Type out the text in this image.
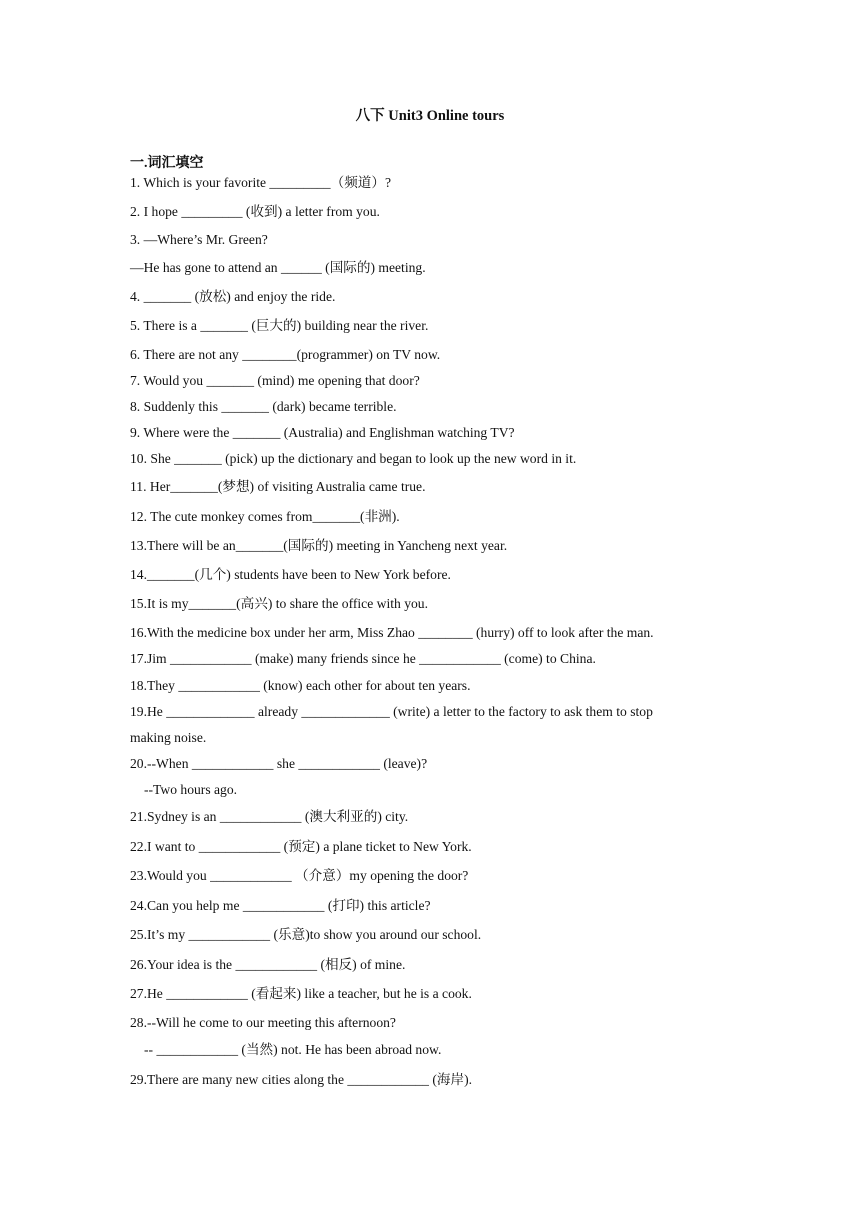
八下 Unit3 Online tours
一.词汇填空
1. Which is your favorite _________（频道）?
2. I hope _________ (收到) a letter from you.
3. —Where’s Mr. Green?
—He has gone to attend an ______ (国际的) meeting.
4. _______ (放松) and enjoy the ride.
5. There is a _______ (巨大的) building near the river.
6. There are not any ________(programmer) on TV now.
7. Would you _______ (mind) me opening that door?
8. Suddenly this _______ (dark) became terrible.
9. Where were the _______ (Australia) and Englishman watching TV?
10. She _______ (pick) up the dictionary and began to look up the new word in it.
11. Her_______(梦想) of visiting Australia came true.
12. The cute monkey comes from_______(非洲).
13.There will be an_______(国际的) meeting in Yancheng next year.
14._______(几个) students have been to New York before.
15.It is my_______(高兴) to share the office with you.
16.With the medicine box under her arm, Miss Zhao ________ (hurry) off to look after the man.
17.Jim ____________ (make) many friends since he ____________ (come) to China.
18.They ____________ (know) each other for about ten years.
19.He _____________ already _____________ (write) a letter to the factory to ask them to stop
making noise.
20.--When ____________ she ____________ (leave)?
--Two hours ago.
21.Sydney is an ____________ (澳大利亚的) city.
22.I want to ____________ (预定) a plane ticket to New York.
23.Would you ____________ （介意）my opening the door?
24.Can you help me ____________ (打印) this article?
25.It’s my ____________ (乐意)to show you around our school.
26.Your idea is the ____________ (相反) of mine.
27.He ____________ (看起来) like a teacher, but he is a cook.
28.--Will he come to our meeting this afternoon?
-- ____________ (当然) not. He has been abroad now.
29.There are many new cities along the ____________ (海岸).
